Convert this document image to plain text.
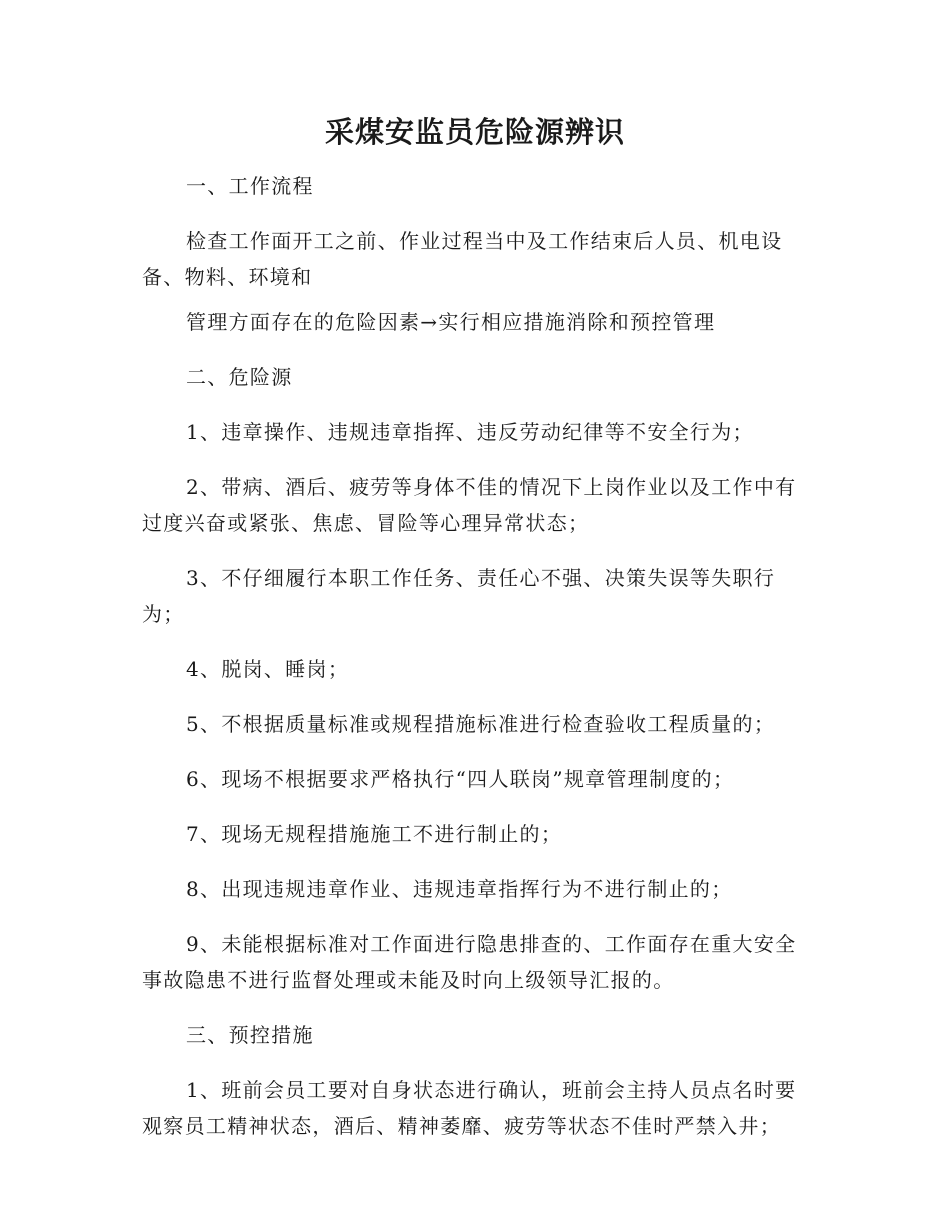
采煤安监员危险源辨识

一、工作流程

检查工作面开工之前、作业过程当中及工作结束后人员、机电设备、物料、环境和

管理方面存在的危险因素→实行相应措施消除和预控管理

二、危险源

1、违章操作、违规违章指挥、违反劳动纪律等不安全行为；

2、带病、酒后、疲劳等身体不佳的情况下上岗作业以及工作中有过度兴奋或紧张、焦虑、冒险等心理异常状态；

3、不仔细履行本职工作任务、责任心不强、决策失误等失职行为；

4、脱岗、睡岗；

5、不根据质量标准或规程措施标准进行检查验收工程质量的；

6、现场不根据要求严格执行“四人联岗”规章管理制度的；

7、现场无规程措施施工不进行制止的；

8、出现违规违章作业、违规违章指挥行为不进行制止的；

9、未能根据标准对工作面进行隐患排查的、工作面存在重大安全事故隐患不进行监督处理或未能及时向上级领导汇报的。

三、预控措施

1、班前会员工要对自身状态进行确认，班前会主持人员点名时要观察员工精神状态，酒后、精神萎靡、疲劳等状态不佳时严禁入井；
